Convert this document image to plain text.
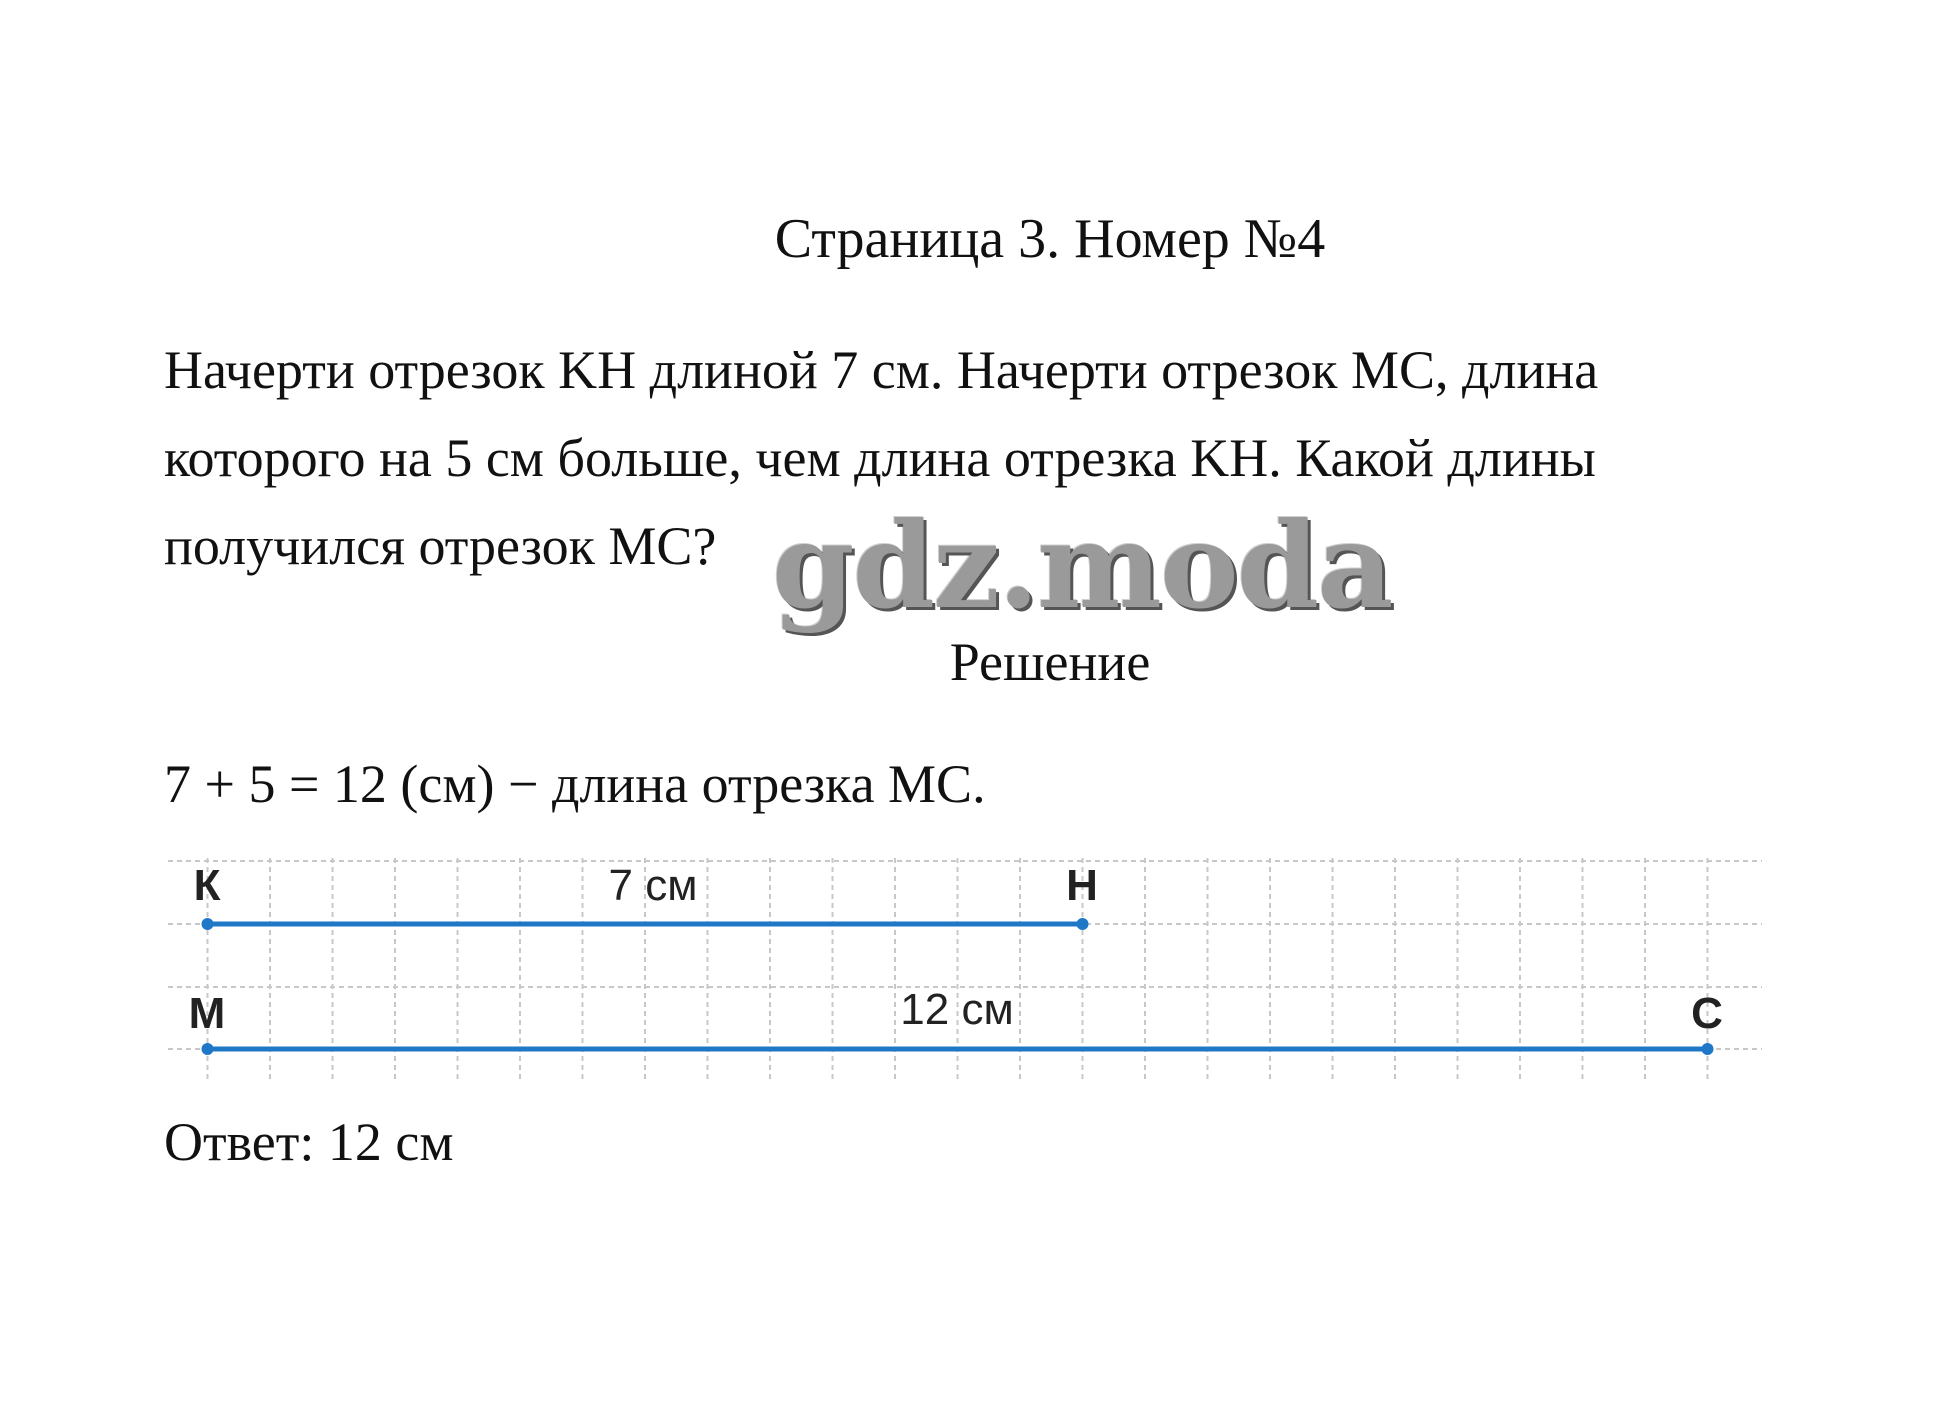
Страница 3. Номер №4
Начерти отрезок KH длиной 7 см. Начерти отрезок МС, длина
которого на 5 см больше, чем длина отрезка KH. Какой длины
получился отрезок МС? gdz.moda
Решение
7 + 5 = 12 (см) − длина отрезка МС.
К	Н
7 см
М	С
12 см
Ответ: 12 см
